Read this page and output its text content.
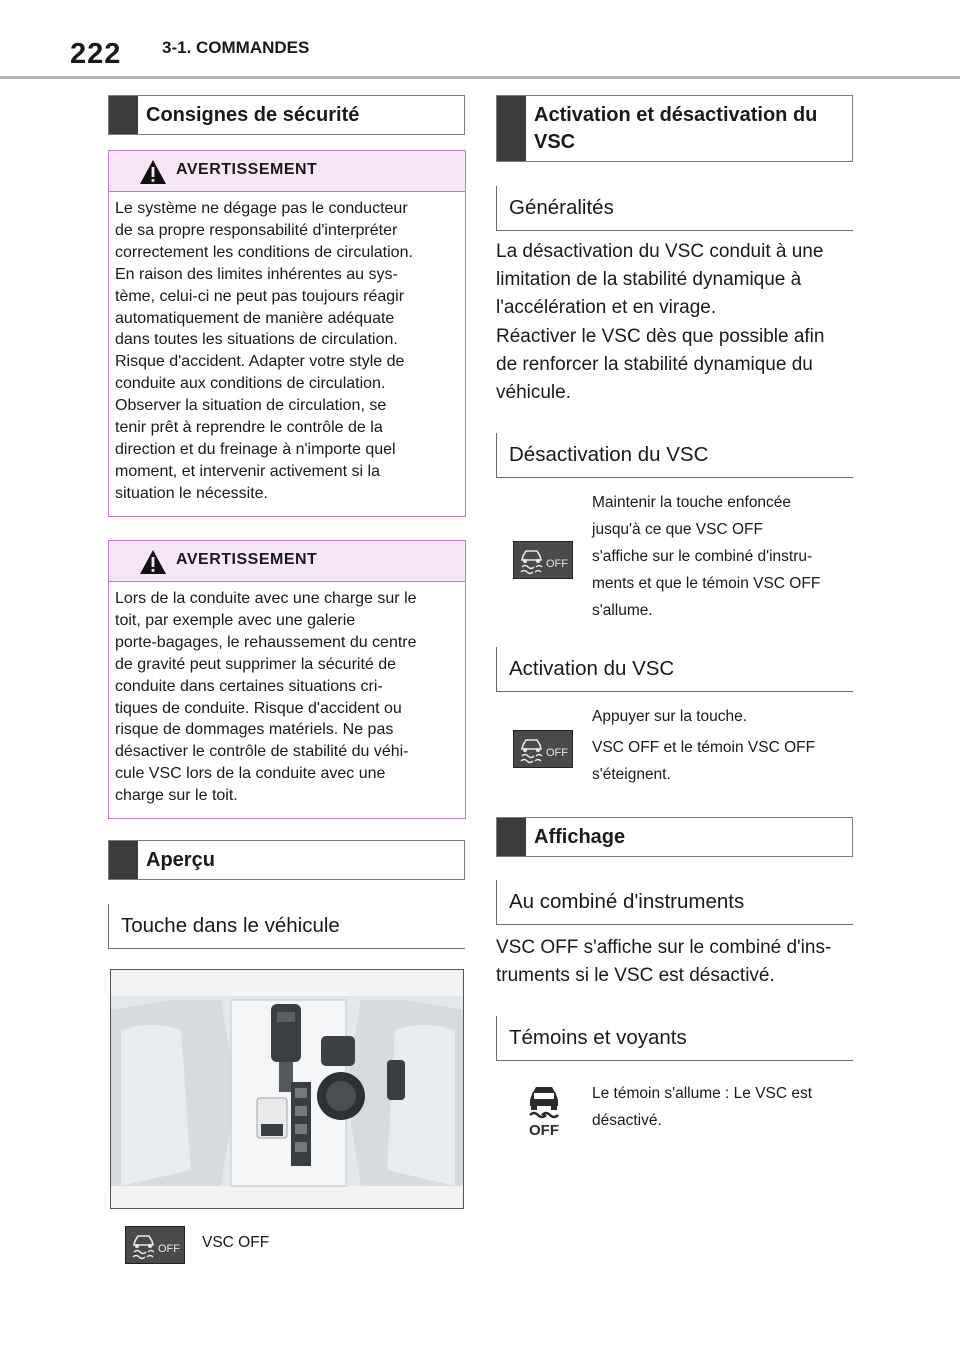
222 3-1. COMMANDES
Consignes de sécurité
AVERTISSEMENT
Le système ne dégage pas le conducteur
de sa propre responsabilité d'interpréter
correctement les conditions de circulation.
En raison des limites inhérentes au sys-
tème, celui-ci ne peut pas toujours réagir
automatiquement de manière adéquate
dans toutes les situations de circulation.
Risque d'accident. Adapter votre style de
conduite aux conditions de circulation.
Observer la situation de circulation, se
tenir prêt à reprendre le contrôle de la
direction et du freinage à n'importe quel
moment, et intervenir activement si la
situation le nécessite.
AVERTISSEMENT
Lors de la conduite avec une charge sur le
toit, par exemple avec une galerie
porte-bagages, le rehaussement du centre
de gravité peut supprimer la sécurité de
conduite dans certaines situations cri-
tiques de conduite. Risque d'accident ou
risque de dommages matériels. Ne pas
désactiver le contrôle de stabilité du véhi-
cule VSC lors de la conduite avec une
charge sur le toit.
Aperçu
Touche dans le véhicule
OFF VSC OFF
Activation et désactivation du VSC
Généralités
La désactivation du VSC conduit à une
limitation de la stabilité dynamique à
l'accélération et en virage.
Réactiver le VSC dès que possible afin
de renforcer la stabilité dynamique du
véhicule.
Désactivation du VSC
OFF
Maintenir la touche enfoncée
jusqu'à ce que VSC OFF
s'affiche sur le combiné d'instru-
ments et que le témoin VSC OFF
s'allume.
Activation du VSC
OFF
Appuyer sur la touche.
VSC OFF et le témoin VSC OFF
s'éteignent.
Affichage
Au combiné d'instruments
VSC OFF s'affiche sur le combiné d'ins-
truments si le VSC est désactivé.
Témoins et voyants
OFF
Le témoin s'allume : Le VSC est
désactivé.
